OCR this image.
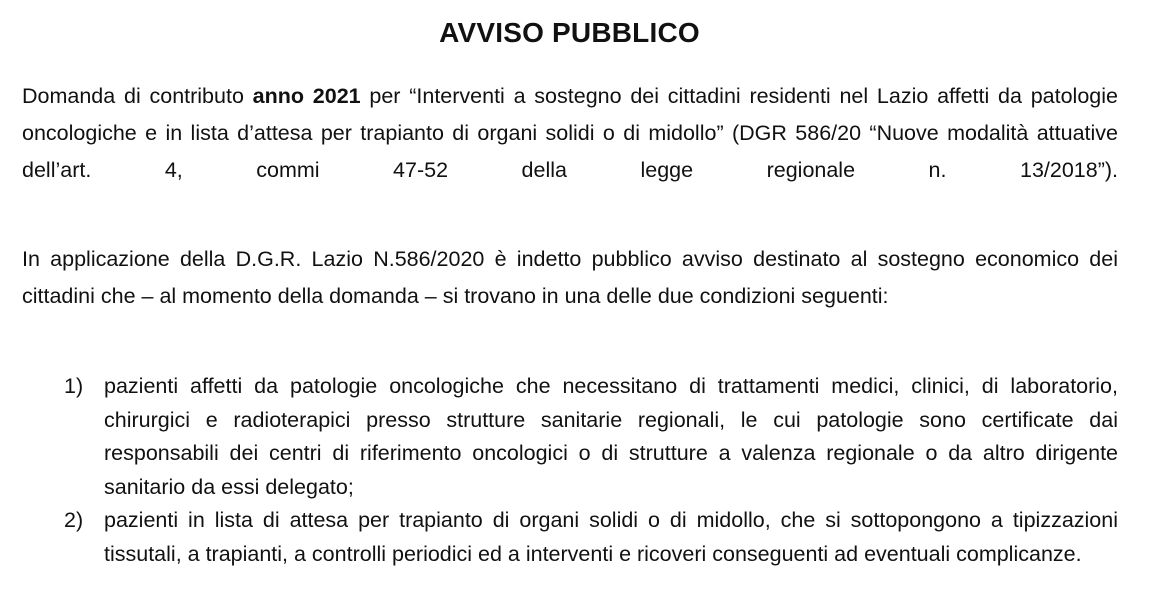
AVVISO PUBBLICO
Domanda di contributo anno 2021 per “Interventi a sostegno dei cittadini residenti nel Lazio affetti da patologie oncologiche e in lista d’attesa per trapianto di organi solidi o di midollo” (DGR 586/20 “Nuove modalità attuative dell’art. 4, commi 47-52 della legge regionale n. 13/2018”).
In applicazione della D.G.R. Lazio N.586/2020 è indetto pubblico avviso destinato al sostegno economico dei cittadini che – al momento della domanda – si trovano in una delle due condizioni seguenti:
1) pazienti affetti da patologie oncologiche che necessitano di trattamenti medici, clinici, di laboratorio, chirurgici e radioterapici presso strutture sanitarie regionali, le cui patologie sono certificate dai responsabili dei centri di riferimento oncologici o di strutture a valenza regionale o da altro dirigente sanitario da essi delegato;
2) pazienti in lista di attesa per trapianto di organi solidi o di midollo, che si sottopongono a tipizzazioni tissutali, a trapianti, a controlli periodici ed a interventi e ricoveri conseguenti ad eventuali complicanze.
